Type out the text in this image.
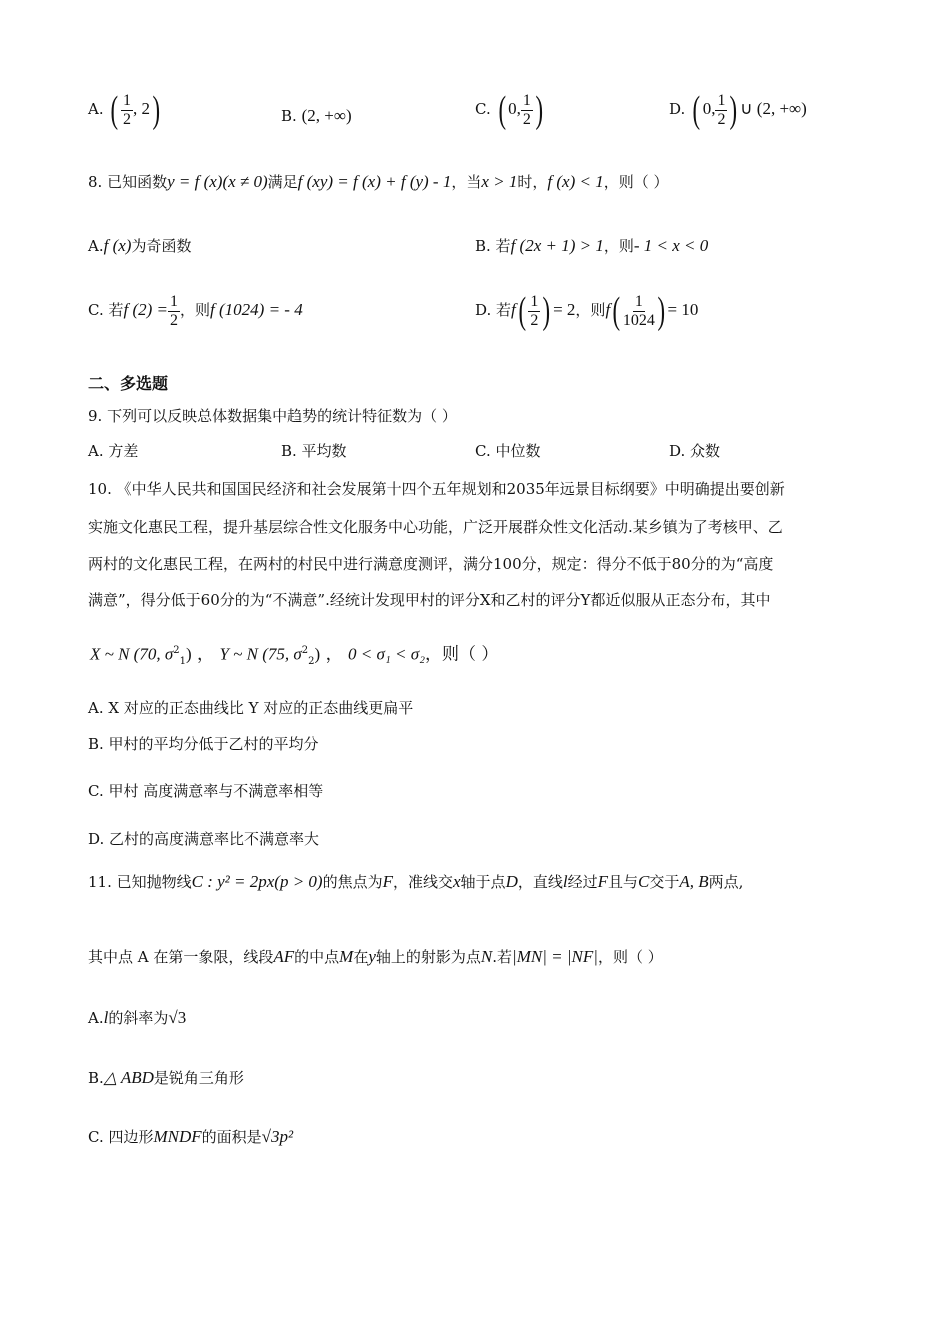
A. ( $\frac{1}{2}$ , 2)	B. (2, +∞)	C. ( 0, $\frac{1}{2}$ )	D. ( 0, $\frac{1}{2}$ ) ∪ (2, +∞)
8. 已知函数y = f (x)(x ≠ 0)满足f (xy) = f (x) + f (y) - 1，当x > 1时，f (x) < 1，则（ ）
A.f (x)为奇函数	B. 若f (2x + 1) > 1，则- 1 < x < 0
C. 若f $(2) = \frac{1}{2}$ ，则f (1024) = - 4	D. 若$f( \frac{1}{2}$ ) = 2，则$f( \frac{1}{1024}$ ) = 10
二、多选题
9. 下列可以反映总体数据集中趋势的统计特征数为（ ）
A. 方差	B. 平均数	C. 中位数	D. 众数
10. 《中华人民共和国国民经济和社会发展第十四个五年规划和2035年远景目标纲要》中明确提出要创新
实施文化惠民工程，提升基层综合性文化服务中心功能，广泛开展群众性文化活动.某乡镇为了考核甲、乙
两村的文化惠民工程，在两村的村民中进行满意度测评，满分100分，规定：得分不低于80分的为“高度
满意”，得分低于60分的为“不满意”.经统计发现甲村的评分X和乙村的评分Y都近似服从正态分布，其中
X ~ N (70, $\sigma^2_1$) ， Y ~ N (75, $\sigma^2_2$) ， 0 < σ₁ < σ₂，则（ ）
A. X 对应的正态曲线比 Y 对应的正态曲线更扁平
B. 甲村的平均分低于乙村的平均分
C. 甲村 高度满意率与不满意率相等
D. 乙村的高度满意率比不满意率大
11. 已知抛物线C : y² = 2px(p > 0)的焦点为F，准线交x轴于点D，直线l经过F且与C交于A, B两点,
其中点 A 在第一象限，线段AF的中点M在y轴上的射影为点N.若|MN| = |NF|，则（ ）
A.l的斜率为√3
B.△ ABD是锐角三角形
C. 四边形MNDF的面积是√3p²
